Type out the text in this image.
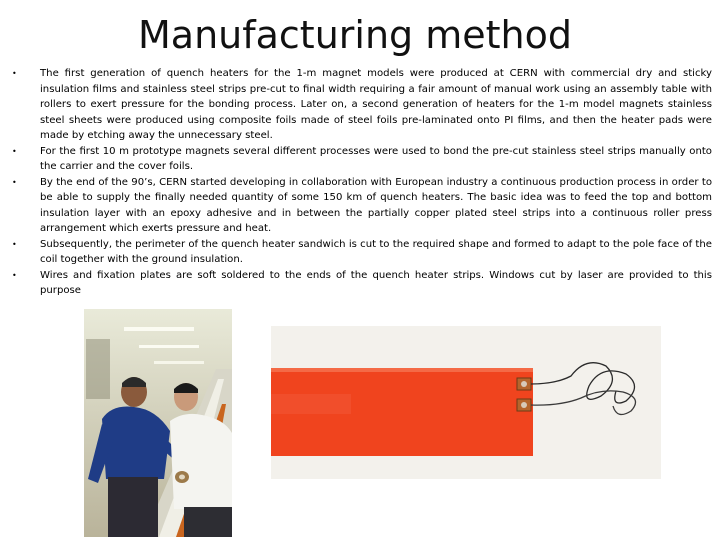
Manufacturing method
• The first generation of quench heaters for the 1-m magnet models were produced at CERN with commercial dry and sticky insulation films and stainless steel strips pre-cut to final width requiring a fair amount of manual work using an assembly table with rollers to exert pressure for the bonding process. Later on, a second generation of heaters for the 1-m model magnets stainless steel sheets were produced using composite foils made of steel foils pre-laminated onto PI films, and then the heater pads were made by etching away the unnecessary steel.
• For the first 10 m prototype magnets several different processes were used to bond the pre-cut stainless steel strips manually onto the carrier and the cover foils.
• By the end of the 90’s, CERN started developing in collaboration with European industry a continuous production process in order to be able to supply the finally needed quantity of some 150 km of quench heaters. The basic idea was to feed the top and bottom insulation layer with an epoxy adhesive and in between the partially copper plated steel strips into a continuous roller press arrangement which exerts pressure and heat.
• Subsequently, the perimeter of the quench heater sandwich is cut to the required shape and formed to adapt to the pole face of the coil together with the ground insulation.
• Wires and fixation plates are soft soldered to the ends of the quench heater strips. Windows cut by laser are provided to this purpose
